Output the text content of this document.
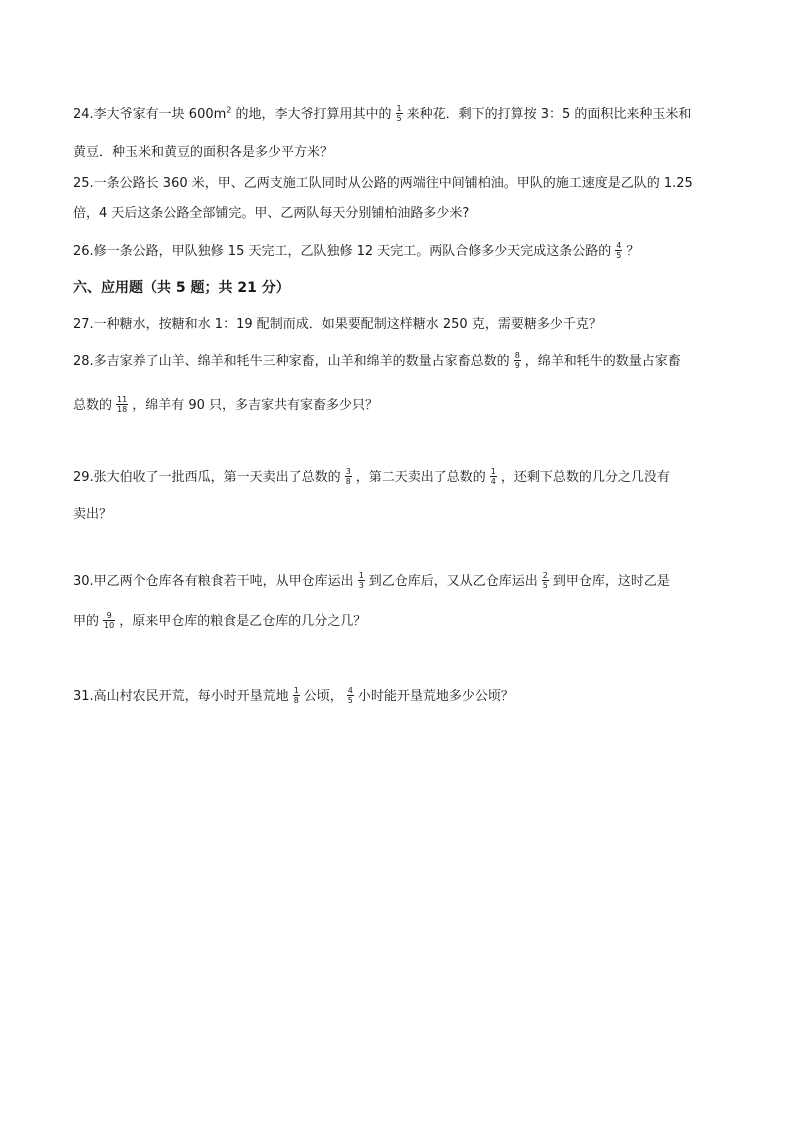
24.李大爷家有一块 $600m^2$ 的地，李大爷打算用其中的 $\frac{1}{5}$ 来种花．剩下的打算按 3：5 的面积比来种玉米和
黄豆．种玉米和黄豆的面积各是多少平方米？
25.一条公路长 360 米，甲、乙两支施工队同时从公路的两端往中间铺柏油。甲队的施工速度是乙队的 1.25
倍，4 天后这条公路全部铺完。甲、乙两队每天分别铺柏油路多少米?
26.修一条公路，甲队独修 15 天完工，乙队独修 12 天完工。两队合修多少天完成这条公路的 $\frac{4}{5}$ ？
六、应用题（共 5 题；共 21 分）
27.一种糖水，按糖和水 1：19 配制而成．如果要配制这样糖水 250 克，需要糖多少千克？
28.多吉家养了山羊、绵羊和牦牛三种家畜，山羊和绵羊的数量占家畜总数的 $\frac{8}{9}$ ，绵羊和牦牛的数量占家畜
总数的 $\frac{11}{18}$ ，绵羊有 90 只，多吉家共有家畜多少只？
29.张大伯收了一批西瓜，第一天卖出了总数的 $\frac{3}{8}$ ，第二天卖出了总数的 $\frac{1}{4}$ ，还剩下总数的几分之几没有
卖出？
30.甲乙两个仓库各有粮食若干吨，从甲仓库运出 $\frac{1}{3}$ 到乙仓库后，又从乙仓库运出 $\frac{2}{5}$ 到甲仓库，这时乙是
甲的 $\frac{9}{10}$ ，原来甲仓库的粮食是乙仓库的几分之几？
31.高山村农民开荒，每小时开垦荒地 $\frac{1}{8}$ 公顷， $\frac{4}{5}$ 小时能开垦荒地多少公顷？
